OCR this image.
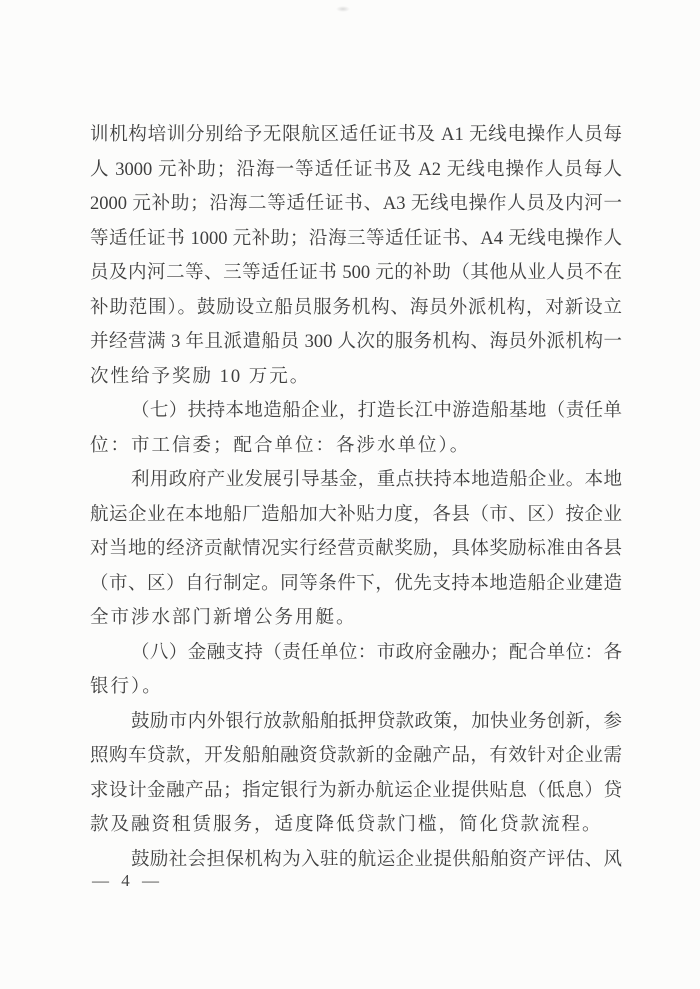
训机构培训分别给予无限航区适任证书及 A1 无线电操作人员每
人 3000 元补助；沿海一等适任证书及 A2 无线电操作人员每人
2000 元补助；沿海二等适任证书、A3 无线电操作人员及内河一
等适任证书 1000 元补助；沿海三等适任证书、A4 无线电操作人
员及内河二等、三等适任证书 500 元的补助（其他从业人员不在
补助范围）。鼓励设立船员服务机构、海员外派机构，对新设立
并经营满 3 年且派遣船员 300 人次的服务机构、海员外派机构一
次性给予奖励 10 万元。
（七）扶持本地造船企业，打造长江中游造船基地（责任单
位：市工信委；配合单位：各涉水单位）。
利用政府产业发展引导基金，重点扶持本地造船企业。本地
航运企业在本地船厂造船加大补贴力度，各县（市、区）按企业
对当地的经济贡献情况实行经营贡献奖励，具体奖励标准由各县
（市、区）自行制定。同等条件下，优先支持本地造船企业建造
全市涉水部门新增公务用艇。
（八）金融支持（责任单位：市政府金融办；配合单位：各
银行）。
鼓励市内外银行放款船舶抵押贷款政策，加快业务创新，参
照购车贷款，开发船舶融资贷款新的金融产品，有效针对企业需
求设计金融产品；指定银行为新办航运企业提供贴息（低息）贷
款及融资租赁服务，适度降低贷款门槛，简化贷款流程。
鼓励社会担保机构为入驻的航运企业提供船舶资产评估、风
— 4 —
